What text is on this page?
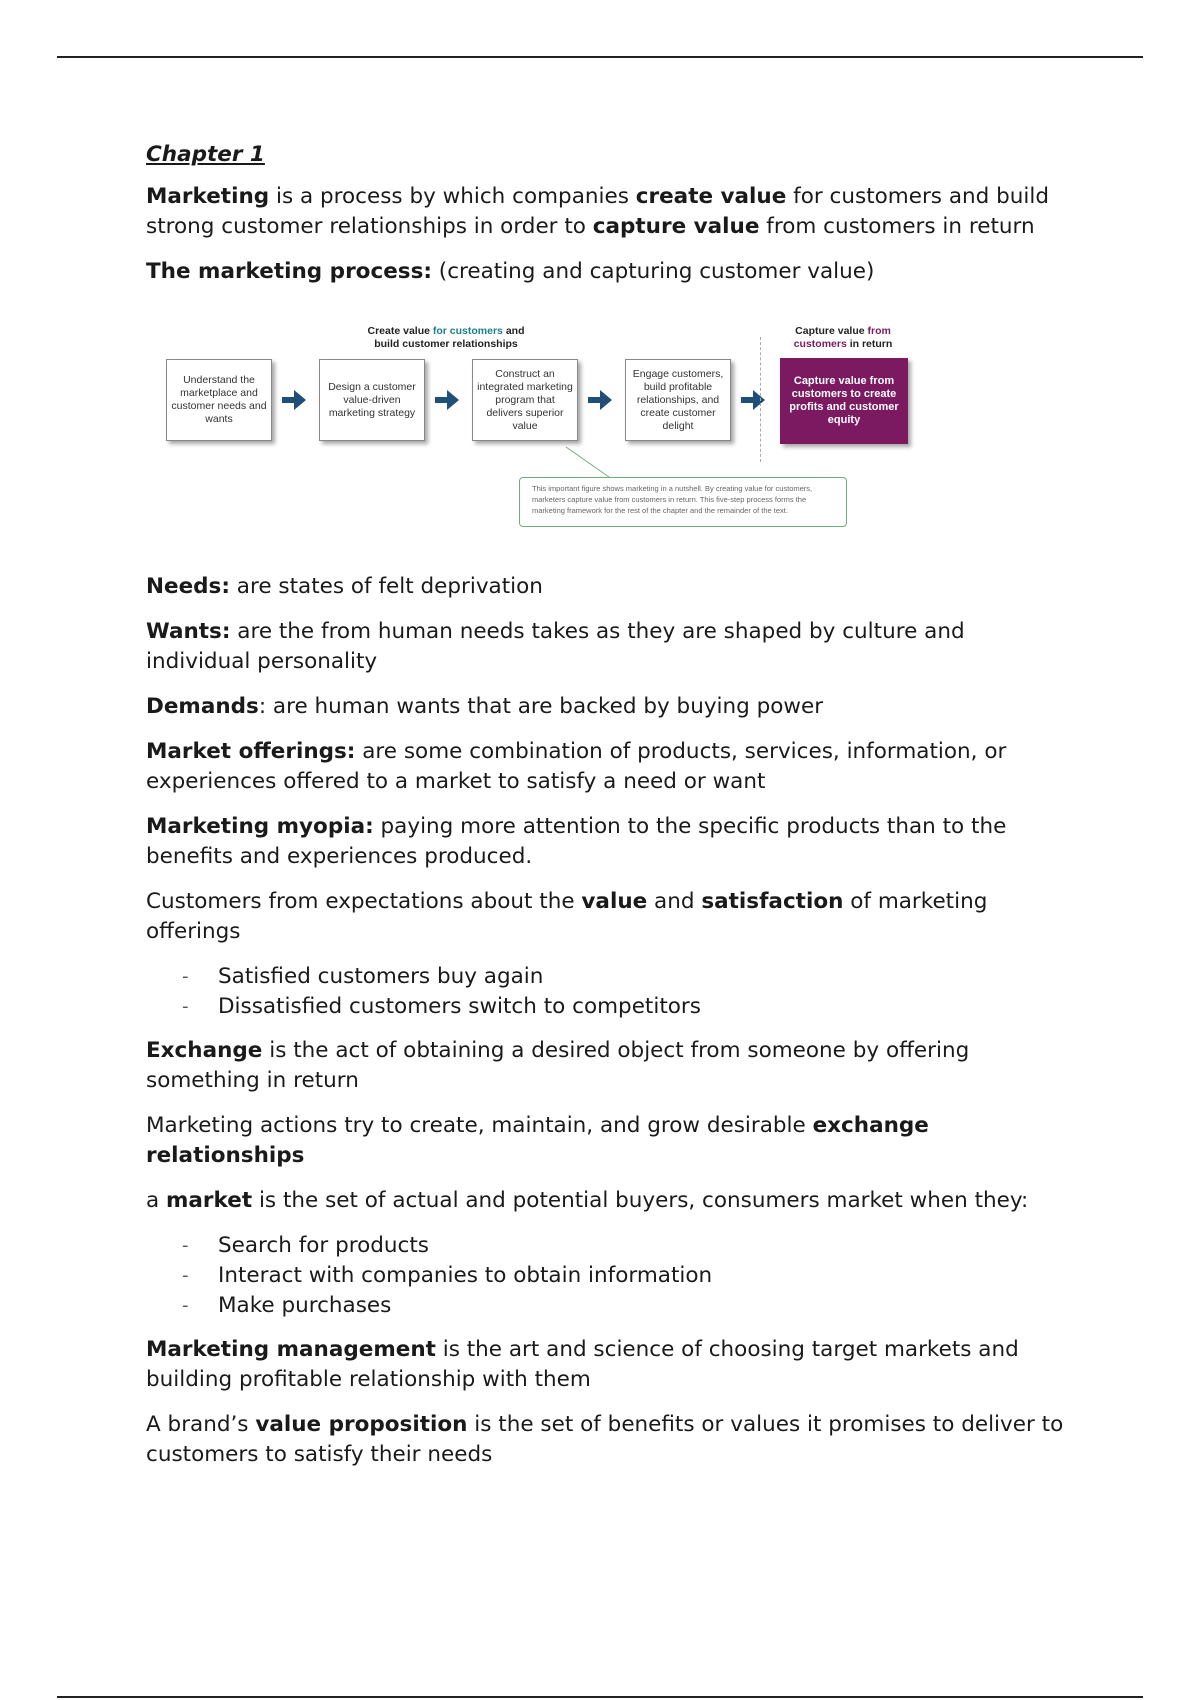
Chapter 1

Marketing is a process by which companies create value for customers and build strong customer relationships in order to capture value from customers in return

The marketing process: (creating and capturing customer value)

Create value for customers and
build customer relationships
Capture value from
customers in return
Understand the marketplace and customer needs and wants
Design a customer value-driven marketing strategy
Construct an integrated marketing program that delivers superior value
Engage customers, build profitable relationships, and create customer delight
Capture value from customers to create profits and customer equity
This important figure shows marketing in a nutshell. By creating value for customers, marketers capture value from customers in return. This five-step process forms the marketing framework for the rest of the chapter and the remainder of the text.

Needs: are states of felt deprivation

Wants: are the from human needs takes as they are shaped by culture and individual personality

Demands: are human wants that are backed by buying power

Market offerings: are some combination of products, services, information, or experiences offered to a market to satisfy a need or want

Marketing myopia: paying more attention to the specific products than to the benefits and experiences produced.

Customers from expectations about the value and satisfaction of marketing offerings

- Satisfied customers buy again
- Dissatisfied customers switch to competitors

Exchange is the act of obtaining a desired object from someone by offering something in return

Marketing actions try to create, maintain, and grow desirable exchange relationships

a market is the set of actual and potential buyers, consumers market when they:

- Search for products
- Interact with companies to obtain information
- Make purchases

Marketing management is the art and science of choosing target markets and building profitable relationship with them

A brand’s value proposition is the set of benefits or values it promises to deliver to customers to satisfy their needs
